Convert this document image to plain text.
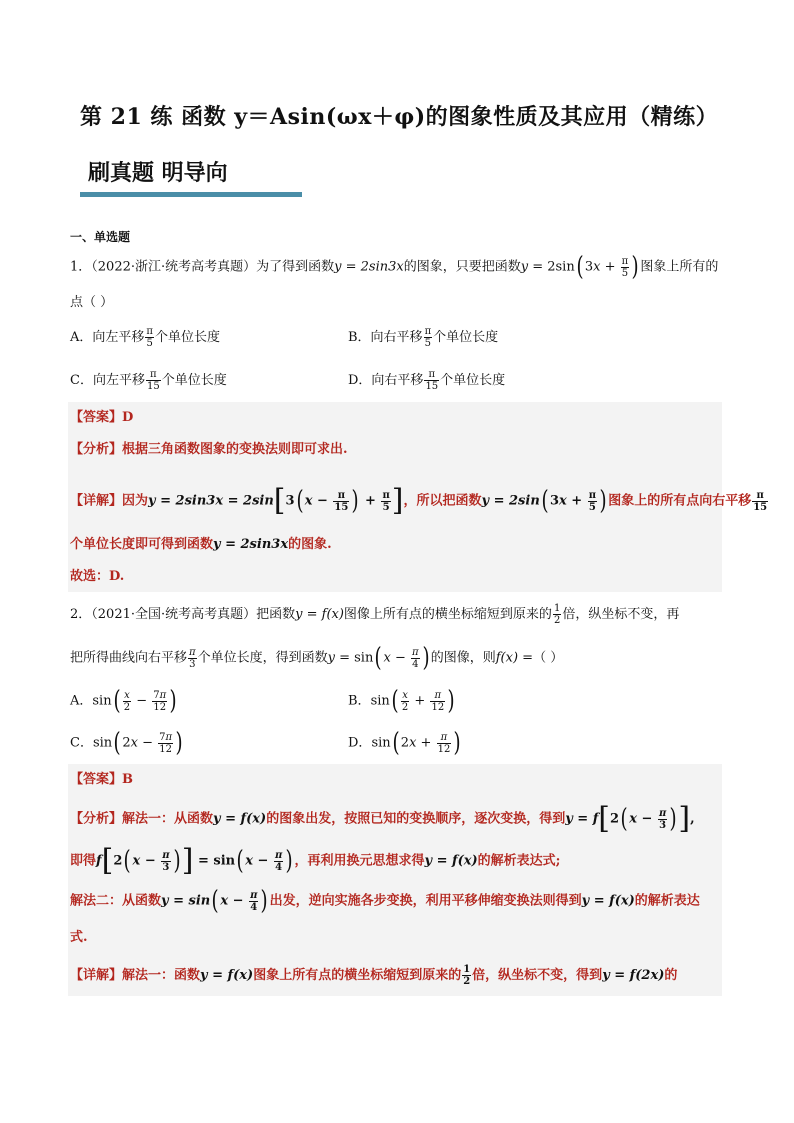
第 21 练 函数 y＝Asin(ωx＋φ)的图象性质及其应用（精练）
刷真题 明导向
一、单选题
1．（2022·浙江·统考高考真题）为了得到函数y = 2sin3x的图象，只要把函数y = 2sin( $3x + \frac{\pi}{5}$ ) 图象上所有的
点（ ）
A．向左平移 $\frac{\pi}{5}$ 个单位长度	B．向右平移 $\frac{\pi}{5}$ 个单位长度
C．向左平移 $\frac{\pi}{15}$ 个单位长度	D．向右平移 $\frac{\pi}{15}$ 个单位长度
【答案】D
【分析】根据三角函数图象的变换法则即可求出.
【详解】因为y = 2sin3x = 2sin[3( $x - \frac{\pi}{15}$ ) + $\frac{\pi}{5}$ ]，所以把函数y = 2sin( $3x + \frac{\pi}{5}$ ) 图象上的所有点向右平移 $\frac{\pi}{15}$
个单位长度即可得到函数y = 2sin3x的图象.
故选：D.
2．（2021·全国·统考高考真题）把函数y = f(x)图像上所有点的横坐标缩短到原来的 $\frac{1}{2}$ 倍，纵坐标不变，再
把所得曲线向右平移 $\frac{\pi}{3}$ 个单位长度，得到函数y = sin( $x - \frac{\pi}{4}$ ) 的图像，则f(x) =（ ）
A．$\sin( \frac{x}{2} - \frac{7\pi}{12}$ )	B．$\sin( \frac{x}{2} + \frac{\pi}{12}$ )
C．sin( $2x - \frac{7\pi}{12}$ )	D．sin( $2x + \frac{\pi}{12}$ )
【答案】B
【分析】解法一：从函数y = f(x)的图象出发，按照已知的变换顺序，逐次变换，得到y = f[2( $x - \frac{\pi}{3}$ )],
即得f[2( $x - \frac{\pi}{3}$ )] = sin( $x - \frac{\pi}{4}$ ) ，再利用换元思想求得y = f(x)的解析表达式;
解法二：从函数y = sin( $x - \frac{\pi}{4}$ ) 出发，逆向实施各步变换，利用平移伸缩变换法则得到y = f(x)的解析表达
式.
【详解】解法一：函数y = f(x)图象上所有点的横坐标缩短到原来的 $\frac{1}{2}$ 倍，纵坐标不变，得到y = f(2x)的
